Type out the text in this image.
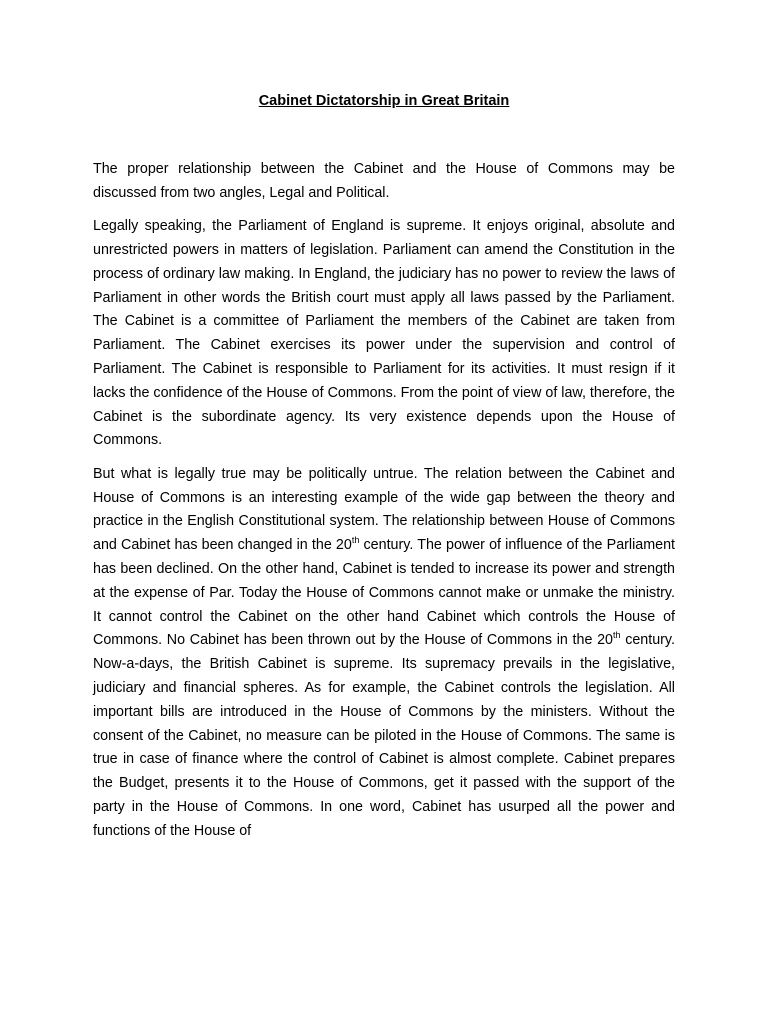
Cabinet Dictatorship in Great Britain

The proper relationship between the Cabinet and the House of Commons may be discussed from two angles, Legal and Political.

Legally speaking, the Parliament of England is supreme. It enjoys original, absolute and unrestricted powers in matters of legislation. Parliament can amend the Constitution in the process of ordinary law making. In England, the judiciary has no power to review the laws of Parliament in other words the British court must apply all laws passed by the Parliament. The Cabinet is a committee of Parliament the members of the Cabinet are taken from Parliament. The Cabinet exercises its power under the supervision and control of Parliament. The Cabinet is responsible to Parliament for its activities. It must resign if it lacks the confidence of the House of Commons. From the point of view of law, therefore, the Cabinet is the subordinate agency. Its very existence depends upon the House of Commons.

But what is legally true may be politically untrue. The relation between the Cabinet and House of Commons is an interesting example of the wide gap between the theory and practice in the English Constitutional system. The relationship between House of Commons and Cabinet has been changed in the 20th century. The power of influence of the Parliament has been declined. On the other hand, Cabinet is tended to increase its power and strength at the expense of Par. Today the House of Commons cannot make or unmake the ministry. It cannot control the Cabinet on the other hand Cabinet which controls the House of Commons. No Cabinet has been thrown out by the House of Commons in the 20th century. Now-a-days, the British Cabinet is supreme. Its supremacy prevails in the legislative, judiciary and financial spheres. As for example, the Cabinet controls the legislation. All important bills are introduced in the House of Commons by the ministers. Without the consent of the Cabinet, no measure can be piloted in the House of Commons. The same is true in case of finance where the control of Cabinet is almost complete. Cabinet prepares the Budget, presents it to the House of Commons, get it passed with the support of the party in the House of Commons. In one word, Cabinet has usurped all the power and functions of the House of
